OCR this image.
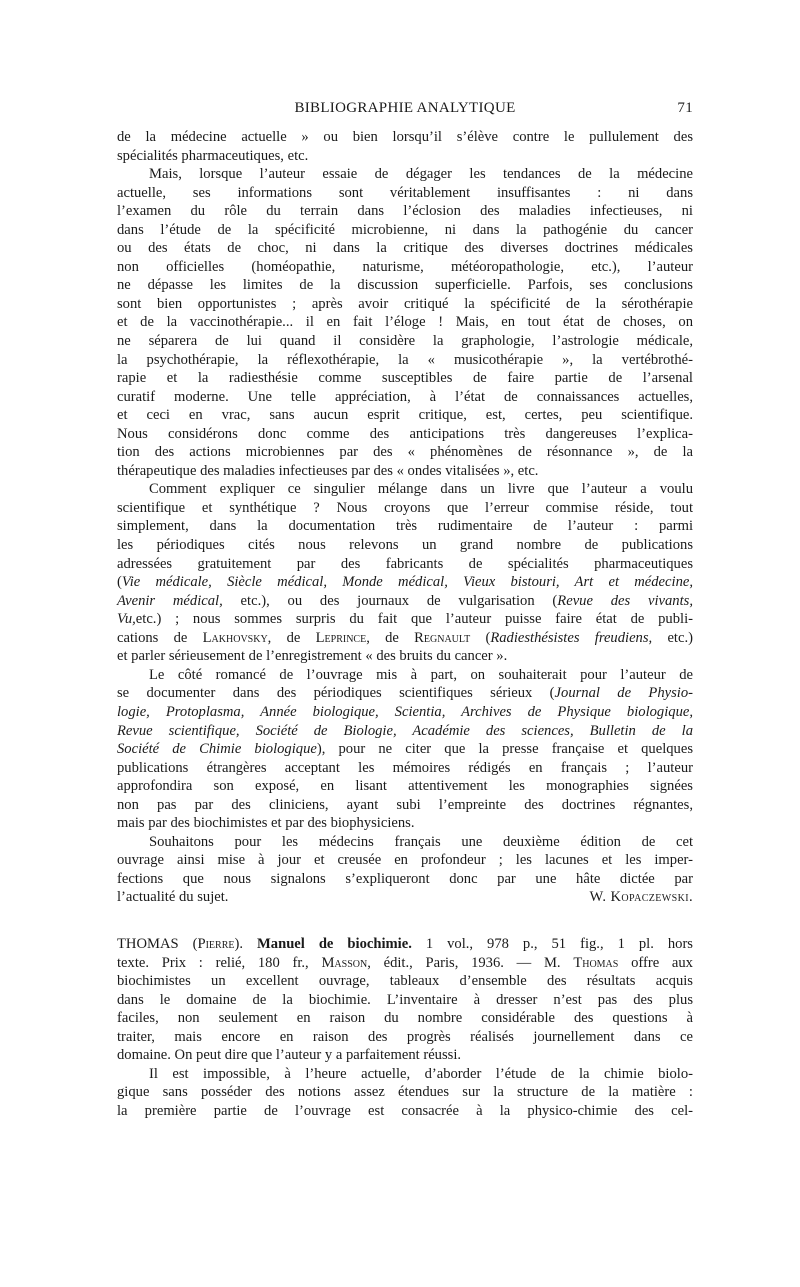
BIBLIOGRAPHIE ANALYTIQUE	71

de la médecine actuelle » ou bien lorsqu’il s’élève contre le pullulement des

spécialités pharmaceutiques, etc.

Mais, lorsque l’auteur essaie de dégager les tendances de la médecine

actuelle, ses informations sont véritablement insuffisantes : ni dans

l’examen du rôle du terrain dans l’éclosion des maladies infectieuses, ni

dans l’étude de la spécificité microbienne, ni dans la pathogénie du cancer

ou des états de choc, ni dans la critique des diverses doctrines médicales

non officielles (homéopathie, naturisme, météoropathologie, etc.), l’auteur

ne dépasse les limites de la discussion superficielle. Parfois, ses conclusions

sont bien opportunistes ; après avoir critiqué la spécificité de la sérothérapie

et de la vaccinothérapie... il en fait l’éloge ! Mais, en tout état de choses, on

ne séparera de lui quand il considère la graphologie, l’astrologie médicale,

la psychothérapie, la réflexothérapie, la « musicothérapie », la vertébrothé-

rapie et la radiesthésie comme susceptibles de faire partie de l’arsenal

curatif moderne. Une telle appréciation, à l’état de connaissances actuelles,

et ceci en vrac, sans aucun esprit critique, est, certes, peu scientifique.

Nous considérons donc comme des anticipations très dangereuses l’explica-

tion des actions microbiennes par des « phénomènes de résonnance », de la

thérapeutique des maladies infectieuses par des « ondes vitalisées », etc.

Comment expliquer ce singulier mélange dans un livre que l’auteur a voulu

scientifique et synthétique ? Nous croyons que l’erreur commise réside, tout

simplement, dans la documentation très rudimentaire de l’auteur : parmi

les périodiques cités nous relevons un grand nombre de publications

adressées gratuitement par des fabricants de spécialités pharmaceutiques

(Vie médicale, Siècle médical, Monde médical, Vieux bistouri, Art et médecine,

Avenir médical, etc.), ou des journaux de vulgarisation (Revue des vivants,

Vu,etc.) ; nous sommes surpris du fait que l’auteur puisse faire état de publi-

cations de Lakhovsky, de Leprince, de Regnault (Radiesthésistes freudiens, etc.)

et parler sérieusement de l’enregistrement « des bruits du cancer ».

Le côté romancé de l’ouvrage mis à part, on souhaiterait pour l’auteur de

se documenter dans des périodiques scientifiques sérieux (Journal de Physio-

logie, Protoplasma, Année biologique, Scientia, Archives de Physique biologique,

Revue scientifique, Société de Biologie, Académie des sciences, Bulletin de la

Société de Chimie biologique), pour ne citer que la presse française et quelques

publications étrangères acceptant les mémoires rédigés en français ; l’auteur

approfondira son exposé, en lisant attentivement les monographies signées

non pas par des cliniciens, ayant subi l’empreinte des doctrines régnantes,

mais par des biochimistes et par des biophysiciens.

Souhaitons pour les médecins français une deuxième édition de cet

ouvrage ainsi mise à jour et creusée en profondeur ; les lacunes et les imper-

fections que nous signalons s’expliqueront donc par une hâte dictée par

l’actualité du sujet.	W. Kopaczewski.

THOMAS (Pierre). Manuel de biochimie. 1 vol., 978 p., 51 fig., 1 pl. hors

texte. Prix : relié, 180 fr., Masson, édit., Paris, 1936. — M. Thomas offre aux

biochimistes un excellent ouvrage, tableaux d’ensemble des résultats acquis

dans le domaine de la biochimie. L’inventaire à dresser n’est pas des plus

faciles, non seulement en raison du nombre considérable des questions à

traiter, mais encore en raison des progrès réalisés journellement dans ce

domaine. On peut dire que l’auteur y a parfaitement réussi.

Il est impossible, à l’heure actuelle, d’aborder l’étude de la chimie biolo-

gique sans posséder des notions assez étendues sur la structure de la matière :

la première partie de l’ouvrage est consacrée à la physico-chimie des cel-
